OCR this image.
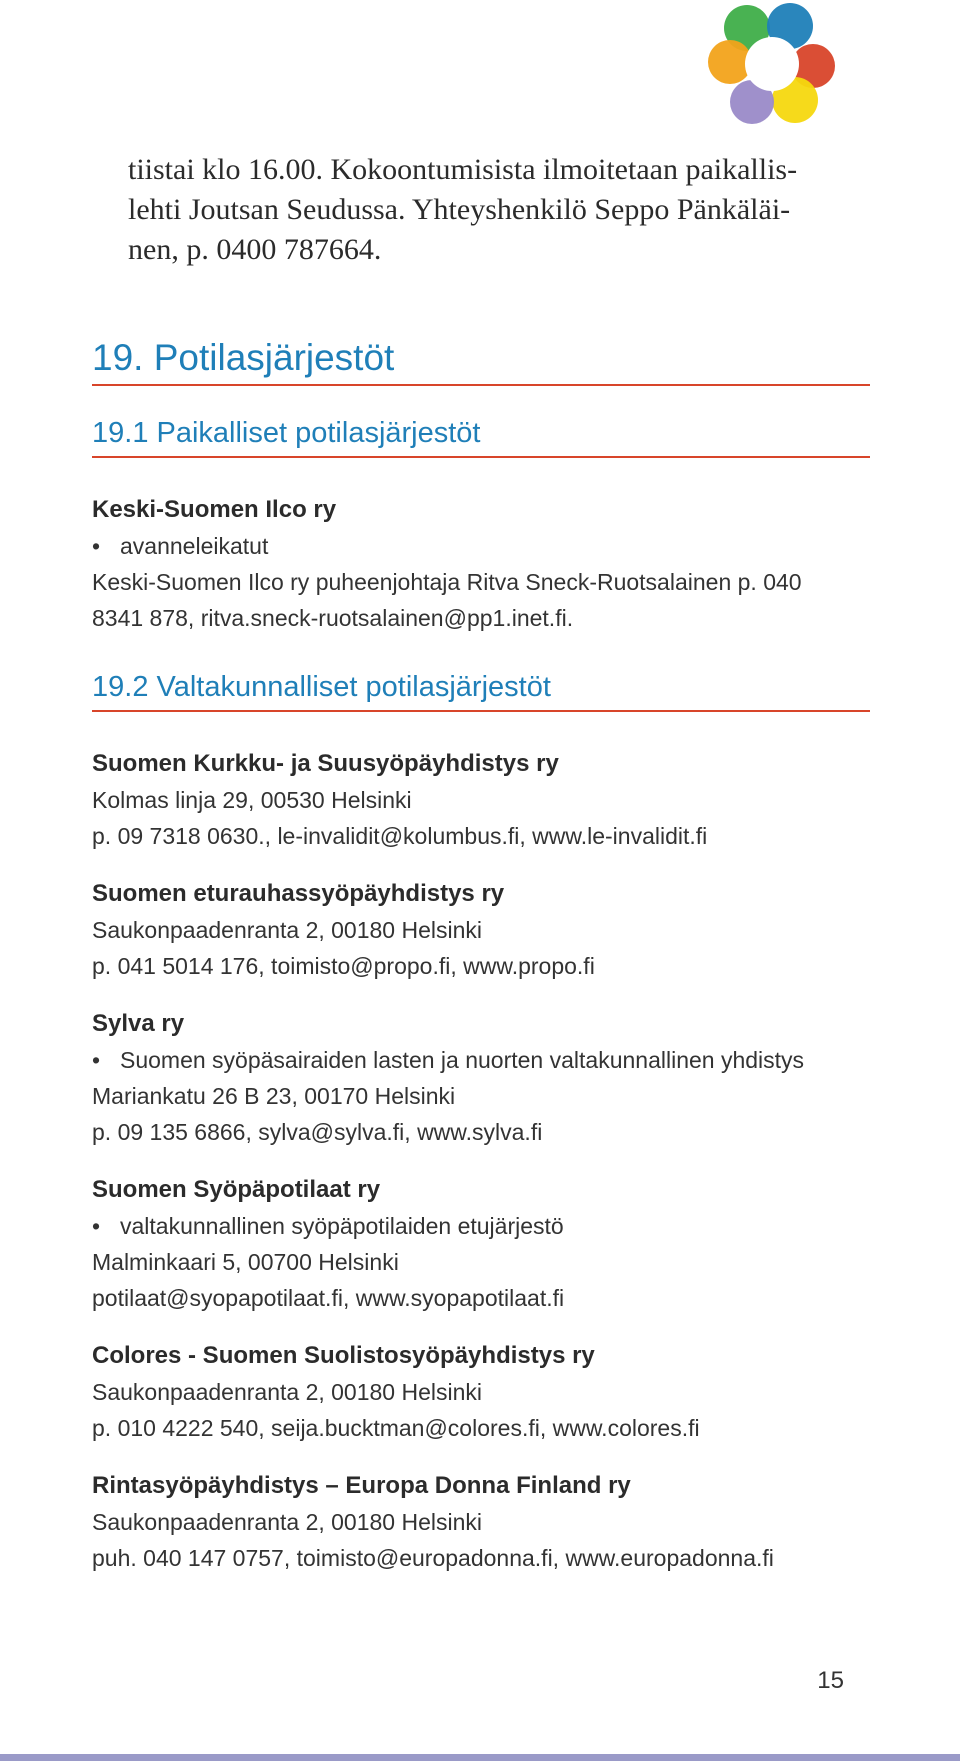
tiistai klo 16.00. Kokoontumisista ilmoitetaan paikallis-

lehti Joutsan Seudussa. Yhteyshenkilö Seppo Pänkäläi-

nen, p. 0400 787664.

19. Potilasjärjestöt
19.1 Paikalliset potilasjärjestöt
Keski-Suomen Ilco ry
• avanneleikatut
Keski-Suomen Ilco ry puheenjohtaja Ritva Sneck-Ruotsalainen p. 040
8341 878, ritva.sneck-ruotsalainen@pp1.inet.fi.
19.2 Valtakunnalliset potilasjärjestöt
Suomen Kurkku- ja Suusyöpäyhdistys ry
Kolmas linja 29, 00530 Helsinki
p. 09 7318 0630., le-invalidit@kolumbus.fi, www.le-invalidit.fi
Suomen eturauhassyöpäyhdistys ry
Saukonpaadenranta 2, 00180 Helsinki
p. 041 5014 176, toimisto@propo.fi, www.propo.fi
Sylva ry
• Suomen syöpäsairaiden lasten ja nuorten valtakunnallinen yhdistys
Mariankatu 26 B 23, 00170 Helsinki
p. 09 135 6866, sylva@sylva.fi, www.sylva.fi
Suomen Syöpäpotilaat ry
• valtakunnallinen syöpäpotilaiden etujärjestö
Malminkaari 5, 00700 Helsinki
potilaat@syopapotilaat.fi, www.syopapotilaat.fi
Colores - Suomen Suolistosyöpäyhdistys ry
Saukonpaadenranta 2, 00180 Helsinki
p. 010 4222 540, seija.bucktman@colores.fi, www.colores.fi
Rintasyöpäyhdistys – Europa Donna Finland ry
Saukonpaadenranta 2, 00180 Helsinki
puh. 040 147 0757, toimisto@europadonna.fi, www.europadonna.fi
15
